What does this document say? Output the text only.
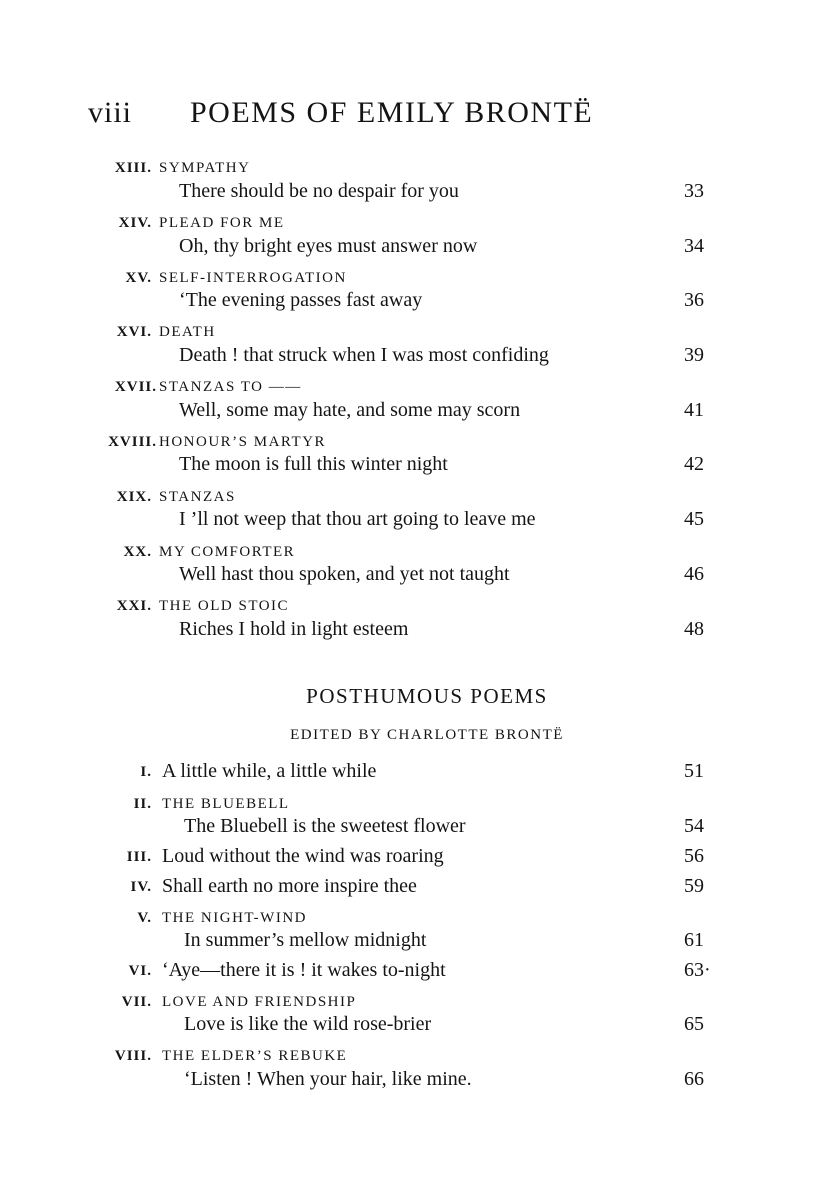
viii POEMS OF EMILY BRONTË
XIII. SYMPATHY
There should be no despair for you	33
XIV. PLEAD FOR ME
Oh, thy bright eyes must answer now	34
XV. SELF-INTERROGATION
‘The evening passes fast away	36
XVI. DEATH
Death ! that struck when I was most confiding	39
XVII. STANZAS TO ——
Well, some may hate, and some may scorn	41
XVIII. HONOUR’S MARTYR
The moon is full this winter night	42
XIX. STANZAS
I ’ll not weep that thou art going to leave me	45
XX. MY COMFORTER
Well hast thou spoken, and yet not taught	46
XXI. THE OLD STOIC
Riches I hold in light esteem	48
POSTHUMOUS POEMS
EDITED BY CHARLOTTE BRONTË
I. A little while, a little while	51
II. THE BLUEBELL
The Bluebell is the sweetest flower	54
III. Loud without the wind was roaring	56
IV. Shall earth no more inspire thee	59
V. THE NIGHT-WIND
In summer’s mellow midnight	61
VI. ‘Aye—there it is ! it wakes to-night	63·
VII. LOVE AND FRIENDSHIP
Love is like the wild rose-brier	65
VIII. THE ELDER’S REBUKE
‘Listen ! When your hair, like mine.	66
